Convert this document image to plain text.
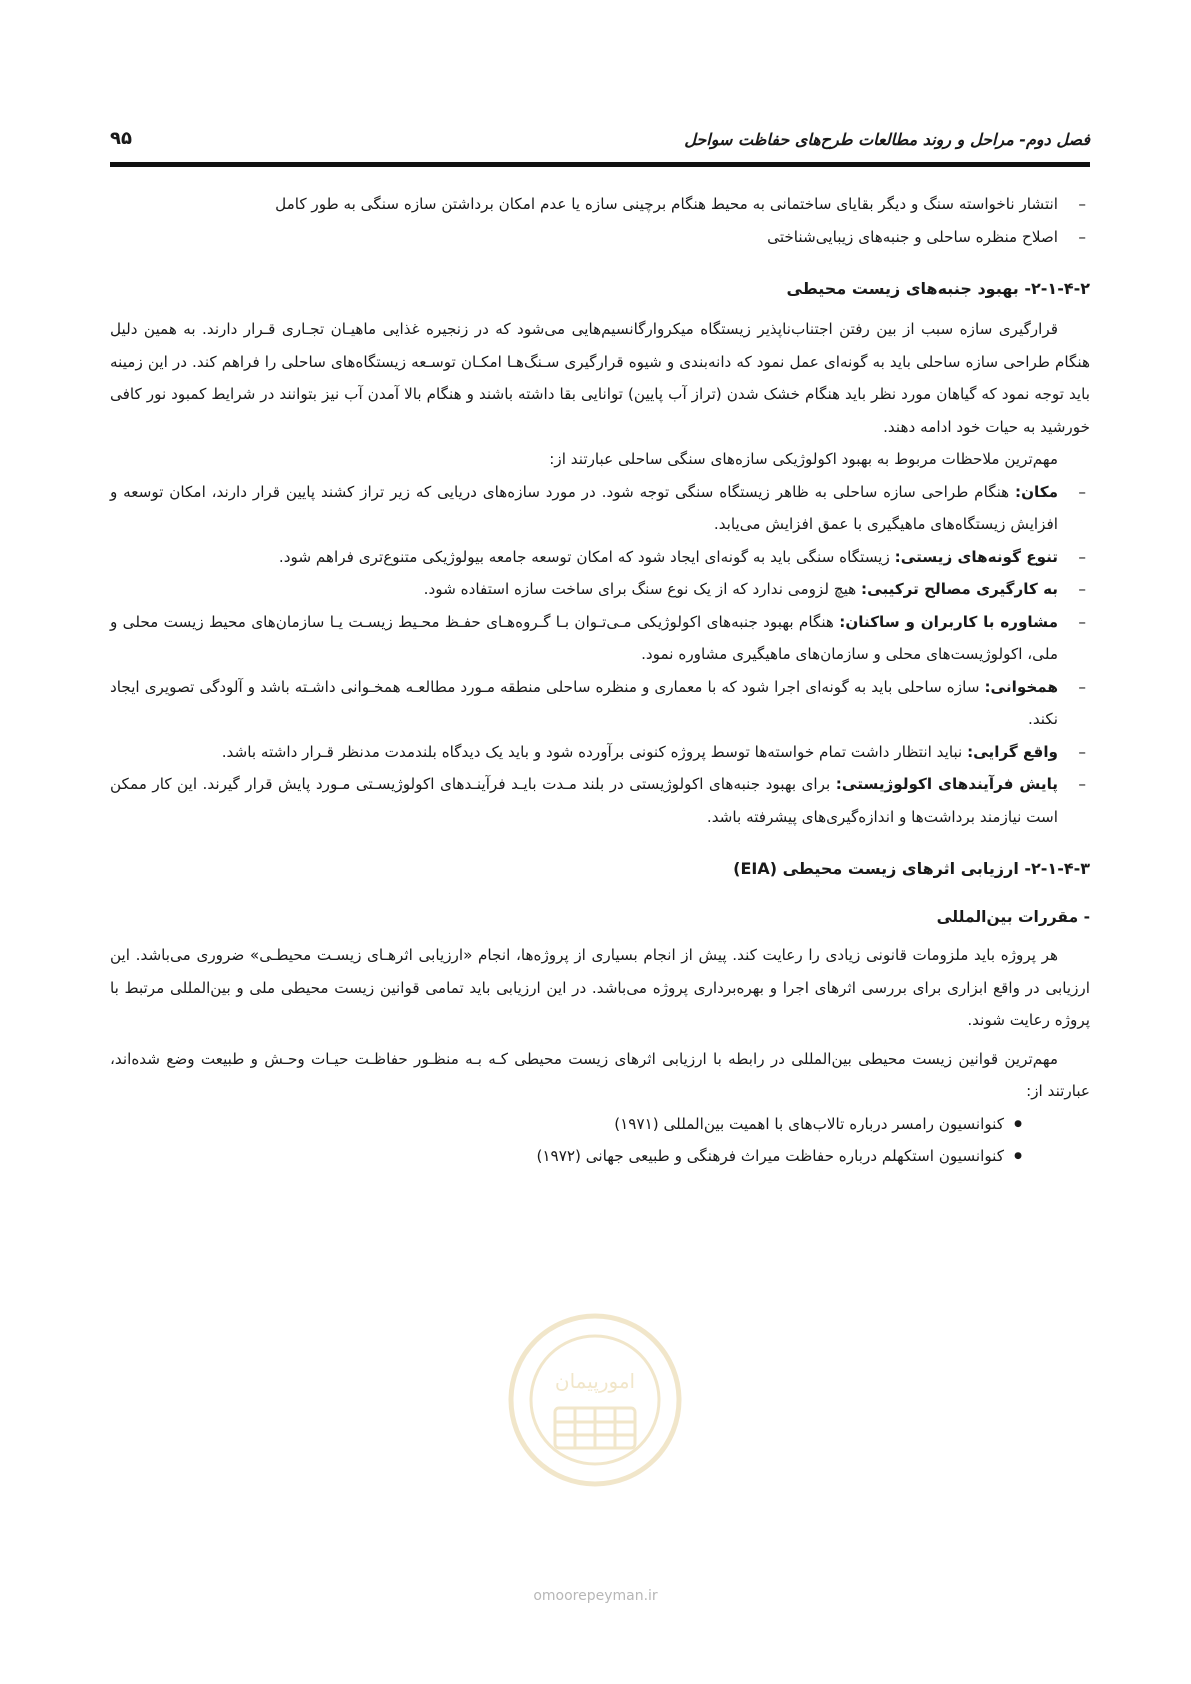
فصل دوم- مراحل و روند مطالعات طرح‌های حفاظت سواحل
۹۵
– انتشار ناخواسته سنگ و دیگر بقایای ساختمانی به محیط هنگام برچینی سازه یا عدم امکان برداشتن سازه سنگی به طور کامل
– اصلاح منظره ساحلی و جنبه‌های زیبایی‌شناختی
۲-۱-۴-۲- بهبود جنبه‌های زیست محیطی

قرارگیری سازه سبب از بین رفتن اجتناب‌ناپذیر زیستگاه میکروارگانسیم‌هایی می‌شود که در زنجیره غذایی ماهیـان تجـاری قـرار دارند. به همین دلیل هنگام طراحی سازه ساحلی باید به گونه‌ای عمل نمود که دانه‌بندی و شیوه قرارگیری سـنگ‌هـا امکـان توسـعه زیستگاه‌های ساحلی را فراهم کند. در این زمینه باید توجه نمود که گیاهان مورد نظر باید هنگام خشک شدن (تراز آب پایین) توانایی بقا داشته باشند و هنگام بالا آمدن آب نیز بتوانند در شرایط کمبود نور کافی خورشید به حیات خود ادامه دهند.

مهم‌ترین ملاحظات مربوط به بهبود اکولوژیکی سازه‌های سنگی ساحلی عبارتند از:

– مکان: هنگام طراحی سازه ساحلی به ظاهر زیستگاه سنگی توجه شود. در مورد سازه‌های دریایی که زیر تراز کشند پایین قرار دارند، امکان توسعه و افزایش زیستگاه‌های ماهیگیری با عمق افزایش می‌یابد.
– تنوع گونه‌های زیستی: زیستگاه سنگی باید به گونه‌ای ایجاد شود که امکان توسعه جامعه بیولوژیکی متنوع‌تری فراهم شود.
– به کارگیری مصالح ترکیبی: هیچ لزومی ندارد که از یک نوع سنگ برای ساخت سازه استفاده شود.
– مشاوره با کاربران و ساکنان: هنگام بهبود جنبه‌های اکولوژیکی مـی‌تـوان بـا گـروه‌هـای حفـظ محـیط زیسـت یـا سازمان‌های محیط زیست محلی و ملی، اکولوژیست‌های محلی و سازمان‌های ماهیگیری مشاوره نمود.
– همخوانی: سازه ساحلی باید به گونه‌ای اجرا شود که با معماری و منظره ساحلی منطقه مـورد مطالعـه همخـوانی داشـته باشد و آلودگی تصویری ایجاد نکند.
– واقع گرایی: نباید انتظار داشت تمام خواسته‌ها توسط پروژه کنونی برآورده شود و باید یک دیدگاه بلندمدت مدنظر قـرار داشته باشد.
– پایش فرآیندهای اکولوژیستی: برای بهبود جنبه‌های اکولوژیستی در بلند مـدت بایـد فرآینـدهای اکولوژیسـتی مـورد پایش قرار گیرند. این کار ممکن است نیازمند برداشت‌ها و اندازه‌گیری‌های پیشرفته باشد.
۲-۱-۴-۳- ارزیابی اثرهای زیست محیطی (EIA)
- مقررات بین‌المللی

هر پروژه باید ملزومات قانونی زیادی را رعایت کند. پیش از انجام بسیاری از پروژه‌ها، انجام «ارزیابی اثرهـای زیسـت محیطـی» ضروری می‌باشد. این ارزیابی در واقع ابزاری برای بررسی اثرهای اجرا و بهره‌برداری پروژه می‌باشد. در این ارزیابی باید تمامی قوانین زیست محیطی ملی و بین‌المللی مرتبط با پروژه رعایت شوند.

مهم‌ترین قوانین زیست محیطی بین‌المللی در رابطه با ارزیابی اثرهای زیست محیطی کـه بـه منظـور حفاظـت حیـات وحـش و طبیعت وضع شده‌اند، عبارتند از:

● کنوانسیون رامسر درباره تالاب‌های با اهمیت بین‌المللی (۱۹۷۱)
● کنوانسیون استکهلم درباره حفاظت میراث فرهنگی و طبیعی جهانی (۱۹۷۲)
امورپیمان
omoorepeyman.ir
